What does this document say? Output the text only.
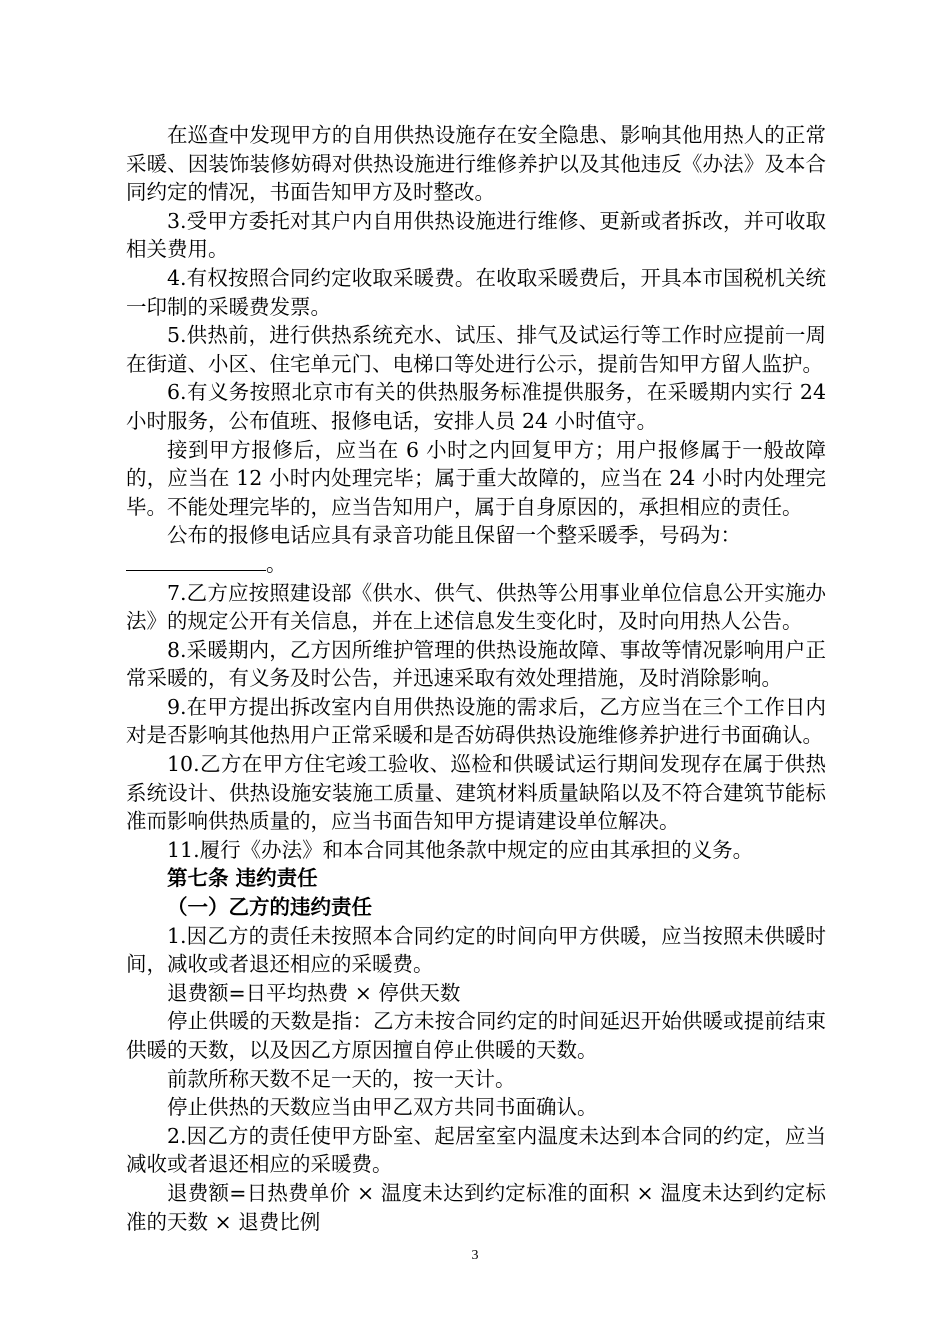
在巡查中发现甲方的自用供热设施存在安全隐患、影响其他用热人的正常采暖、因装饰装修妨碍对供热设施进行维修养护以及其他违反《办法》及本合同约定的情况，书面告知甲方及时整改。

3.受甲方委托对其户内自用供热设施进行维修、更新或者拆改，并可收取相关费用。

4.有权按照合同约定收取采暖费。在收取采暖费后，开具本市国税机关统一印制的采暖费发票。

5.供热前，进行供热系统充水、试压、排气及试运行等工作时应提前一周在街道、小区、住宅单元门、电梯口等处进行公示，提前告知甲方留人监护。

6.有义务按照北京市有关的供热服务标准提供服务，在采暖期内实行 24 小时服务，公布值班、报修电话，安排人员 24 小时值守。

接到甲方报修后，应当在 6 小时之内回复甲方；用户报修属于一般故障的，应当在 12 小时内处理完毕；属于重大故障的，应当在 24 小时内处理完毕。不能处理完毕的，应当告知用户，属于自身原因的，承担相应的责任。

公布的报修电话应具有录音功能且保留一个整采暖季，号码为：

。

7.乙方应按照建设部《供水、供气、供热等公用事业单位信息公开实施办法》的规定公开有关信息，并在上述信息发生变化时，及时向用热人公告。

8.采暖期内，乙方因所维护管理的供热设施故障、事故等情况影响用户正常采暖的，有义务及时公告，并迅速采取有效处理措施，及时消除影响。

9.在甲方提出拆改室内自用供热设施的需求后，乙方应当在三个工作日内对是否影响其他热用户正常采暖和是否妨碍供热设施维修养护进行书面确认。

10.乙方在甲方住宅竣工验收、巡检和供暖试运行期间发现存在属于供热系统设计、供热设施安装施工质量、建筑材料质量缺陷以及不符合建筑节能标准而影响供热质量的，应当书面告知甲方提请建设单位解决。

11.履行《办法》和本合同其他条款中规定的应由其承担的义务。

第七条 违约责任

（一）乙方的违约责任

1.因乙方的责任未按照本合同约定的时间向甲方供暖，应当按照未供暖时间，减收或者退还相应的采暖费。

退费额=日平均热费 × 停供天数

停止供暖的天数是指：乙方未按合同约定的时间延迟开始供暖或提前结束供暖的天数，以及因乙方原因擅自停止供暖的天数。

前款所称天数不足一天的，按一天计。

停止供热的天数应当由甲乙双方共同书面确认。

2.因乙方的责任使甲方卧室、起居室室内温度未达到本合同的约定，应当减收或者退还相应的采暖费。

退费额=日热费单价 × 温度未达到约定标准的面积 × 温度未达到约定标准的天数 × 退费比例

3
